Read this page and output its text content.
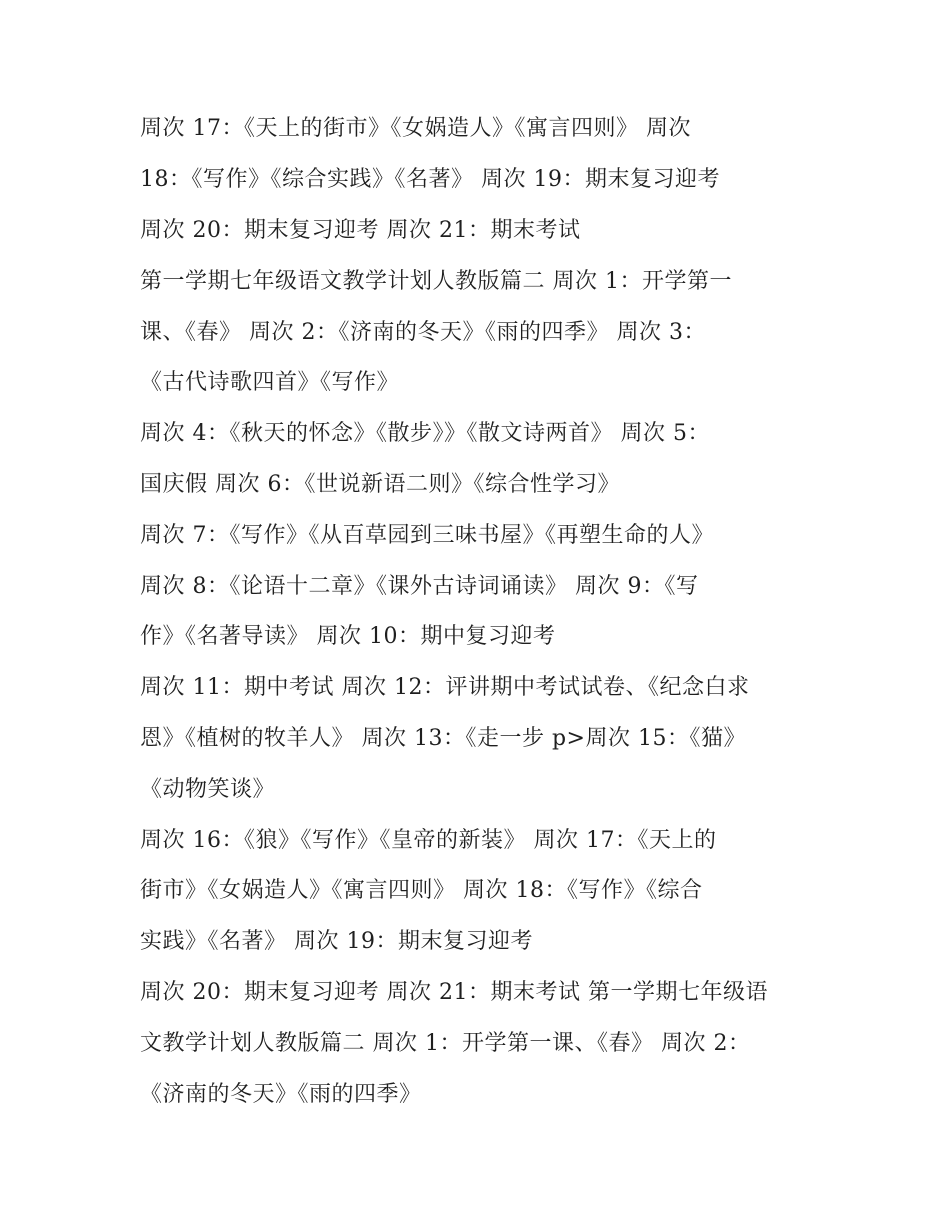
周次 17：《天上的街市》《女娲造人》《寓言四则》 周次
18：《写作》《综合实践》《名著》 周次 19：期末复习迎考
周次 20：期末复习迎考 周次 21：期末考试
第一学期七年级语文教学计划人教版篇二 周次 1：开学第一
课、《春》 周次 2：《济南的冬天》《雨的四季》 周次 3：
《古代诗歌四首》《写作》
周次 4：《秋天的怀念》《散步》》《散文诗两首》 周次 5：
国庆假 周次 6：《世说新语二则》《综合性学习》
周次 7：《写作》《从百草园到三味书屋》《再塑生命的人》
周次 8：《论语十二章》《课外古诗词诵读》 周次 9：《写
作》《名著导读》 周次 10：期中复习迎考
周次 11：期中考试 周次 12：评讲期中考试试卷、《纪念白求
恩》《植树的牧羊人》 周次 13：《走一步 p>周次 15：《猫》
《动物笑谈》
周次 16：《狼》《写作》《皇帝的新装》 周次 17：《天上的
街市》《女娲造人》《寓言四则》 周次 18：《写作》《综合
实践》《名著》 周次 19：期末复习迎考
周次 20：期末复习迎考 周次 21：期末考试 第一学期七年级语
文教学计划人教版篇二 周次 1：开学第一课、《春》 周次 2：
《济南的冬天》《雨的四季》
